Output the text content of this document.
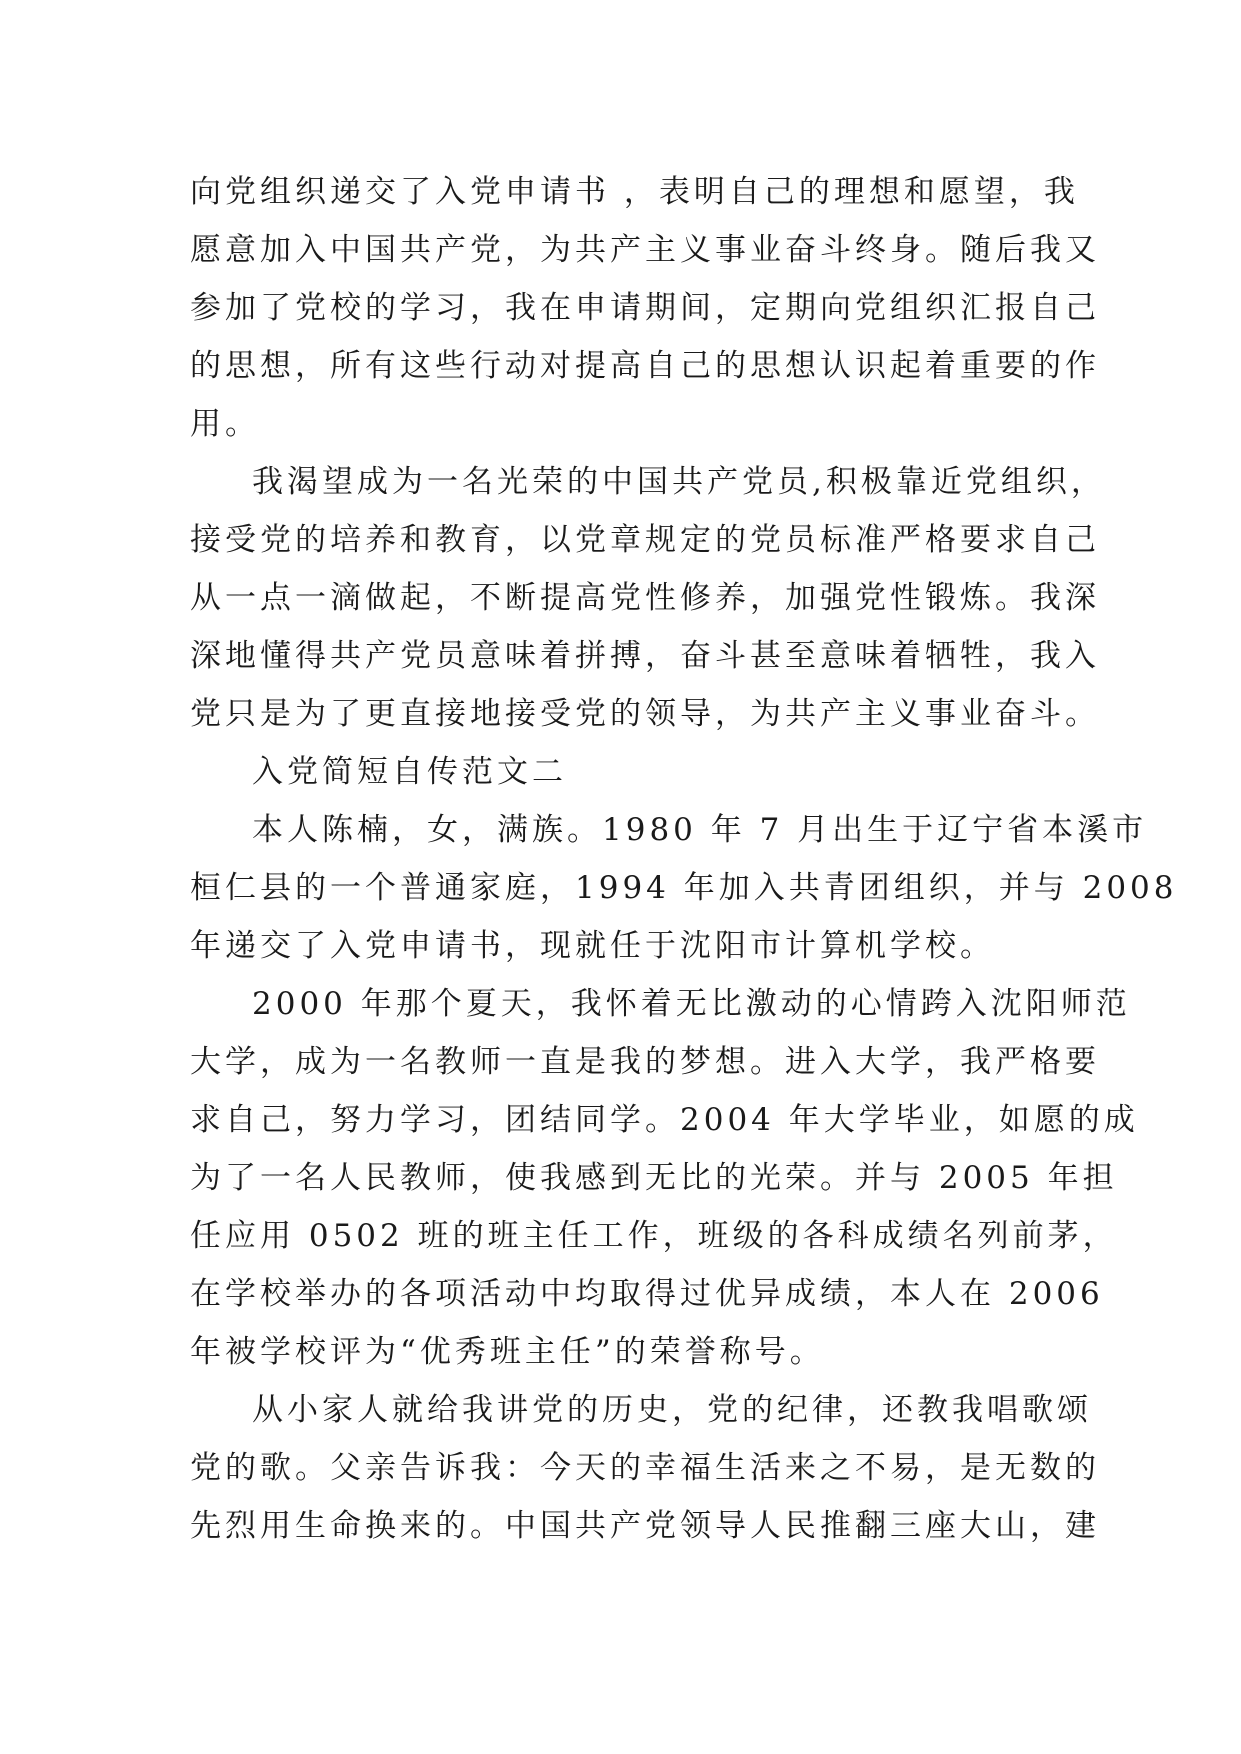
向党组织递交了入党申请书 ，表明自己的理想和愿望，我
愿意加入中国共产党，为共产主义事业奋斗终身。随后我又
参加了党校的学习，我在申请期间，定期向党组织汇报自己
的思想，所有这些行动对提高自己的思想认识起着重要的作
用。
我渴望成为一名光荣的中国共产党员,积极靠近党组织，
接受党的培养和教育，以党章规定的党员标准严格要求自己
从一点一滴做起，不断提高党性修养，加强党性锻炼。我深
深地懂得共产党员意味着拼搏，奋斗甚至意味着牺牲，我入
党只是为了更直接地接受党的领导，为共产主义事业奋斗。
入党简短自传范文二
本人陈楠，女，满族。1980 年 7 月出生于辽宁省本溪市
桓仁县的一个普通家庭，1994 年加入共青团组织，并与 2008
年递交了入党申请书，现就任于沈阳市计算机学校。
2000 年那个夏天，我怀着无比激动的心情跨入沈阳师范
大学，成为一名教师一直是我的梦想。进入大学，我严格要
求自己，努力学习，团结同学。2004 年大学毕业，如愿的成
为了一名人民教师，使我感到无比的光荣。并与 2005 年担
任应用 0502 班的班主任工作，班级的各科成绩名列前茅，
在学校举办的各项活动中均取得过优异成绩，本人在 2006
年被学校评为“优秀班主任”的荣誉称号。
从小家人就给我讲党的历史，党的纪律，还教我唱歌颂
党的歌。父亲告诉我：今天的幸福生活来之不易，是无数的
先烈用生命换来的。中国共产党领导人民推翻三座大山，建
